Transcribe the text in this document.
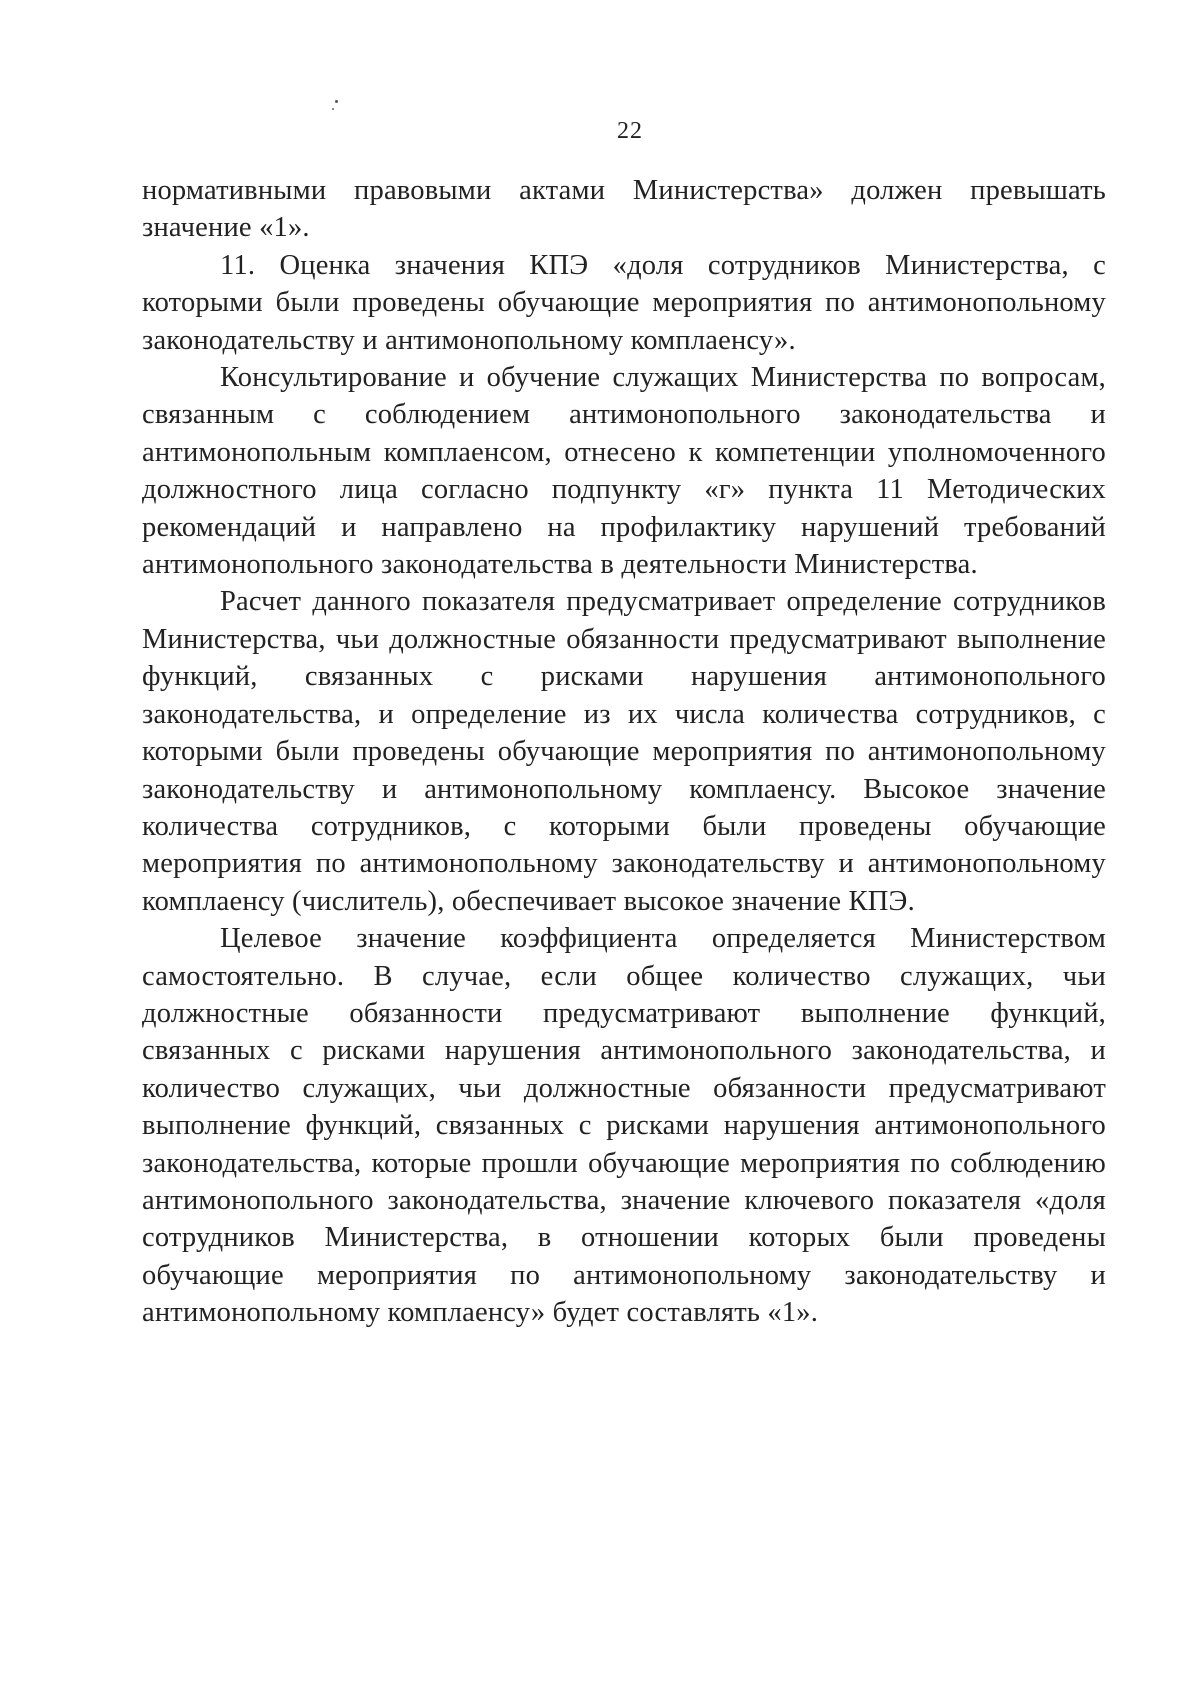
22

нормативными правовыми актами Министерства» должен превышать значение «1».

11. Оценка значения КПЭ «доля сотрудников Министерства, с которыми были проведены обучающие мероприятия по антимонопольному законодательству и антимонопольному комплаенсу».

Консультирование и обучение служащих Министерства по вопросам, связанным с соблюдением антимонопольного законодательства и антимонопольным комплаенсом, отнесено к компетенции уполномоченного должностного лица согласно подпункту «г» пункта 11 Методических рекомендаций и направлено на профилактику нарушений требований антимонопольного законодательства в деятельности Министерства.

Расчет данного показателя предусматривает определение сотрудников Министерства, чьи должностные обязанности предусматривают выполнение функций, связанных с рисками нарушения антимонопольного законодательства, и определение из их числа количества сотрудников, с которыми были проведены обучающие мероприятия по антимонопольному законодательству и антимонопольному комплаенсу. Высокое значение количества сотрудников, с которыми были проведены обучающие мероприятия по антимонопольному законодательству и антимонопольному комплаенсу (числитель), обеспечивает высокое значение КПЭ.

Целевое значение коэффициента определяется Министерством самостоятельно. В случае, если общее количество служащих, чьи должностные обязанности предусматривают выполнение функций, связанных с рисками нарушения антимонопольного законодательства, и количество служащих, чьи должностные обязанности предусматривают выполнение функций, связанных с рисками нарушения антимонопольного законодательства, которые прошли обучающие мероприятия по соблюдению антимонопольного законодательства, значение ключевого показателя «доля сотрудников Министерства, в отношении которых были проведены обучающие мероприятия по антимонопольному законодательству и антимонопольному комплаенсу» будет составлять «1».
